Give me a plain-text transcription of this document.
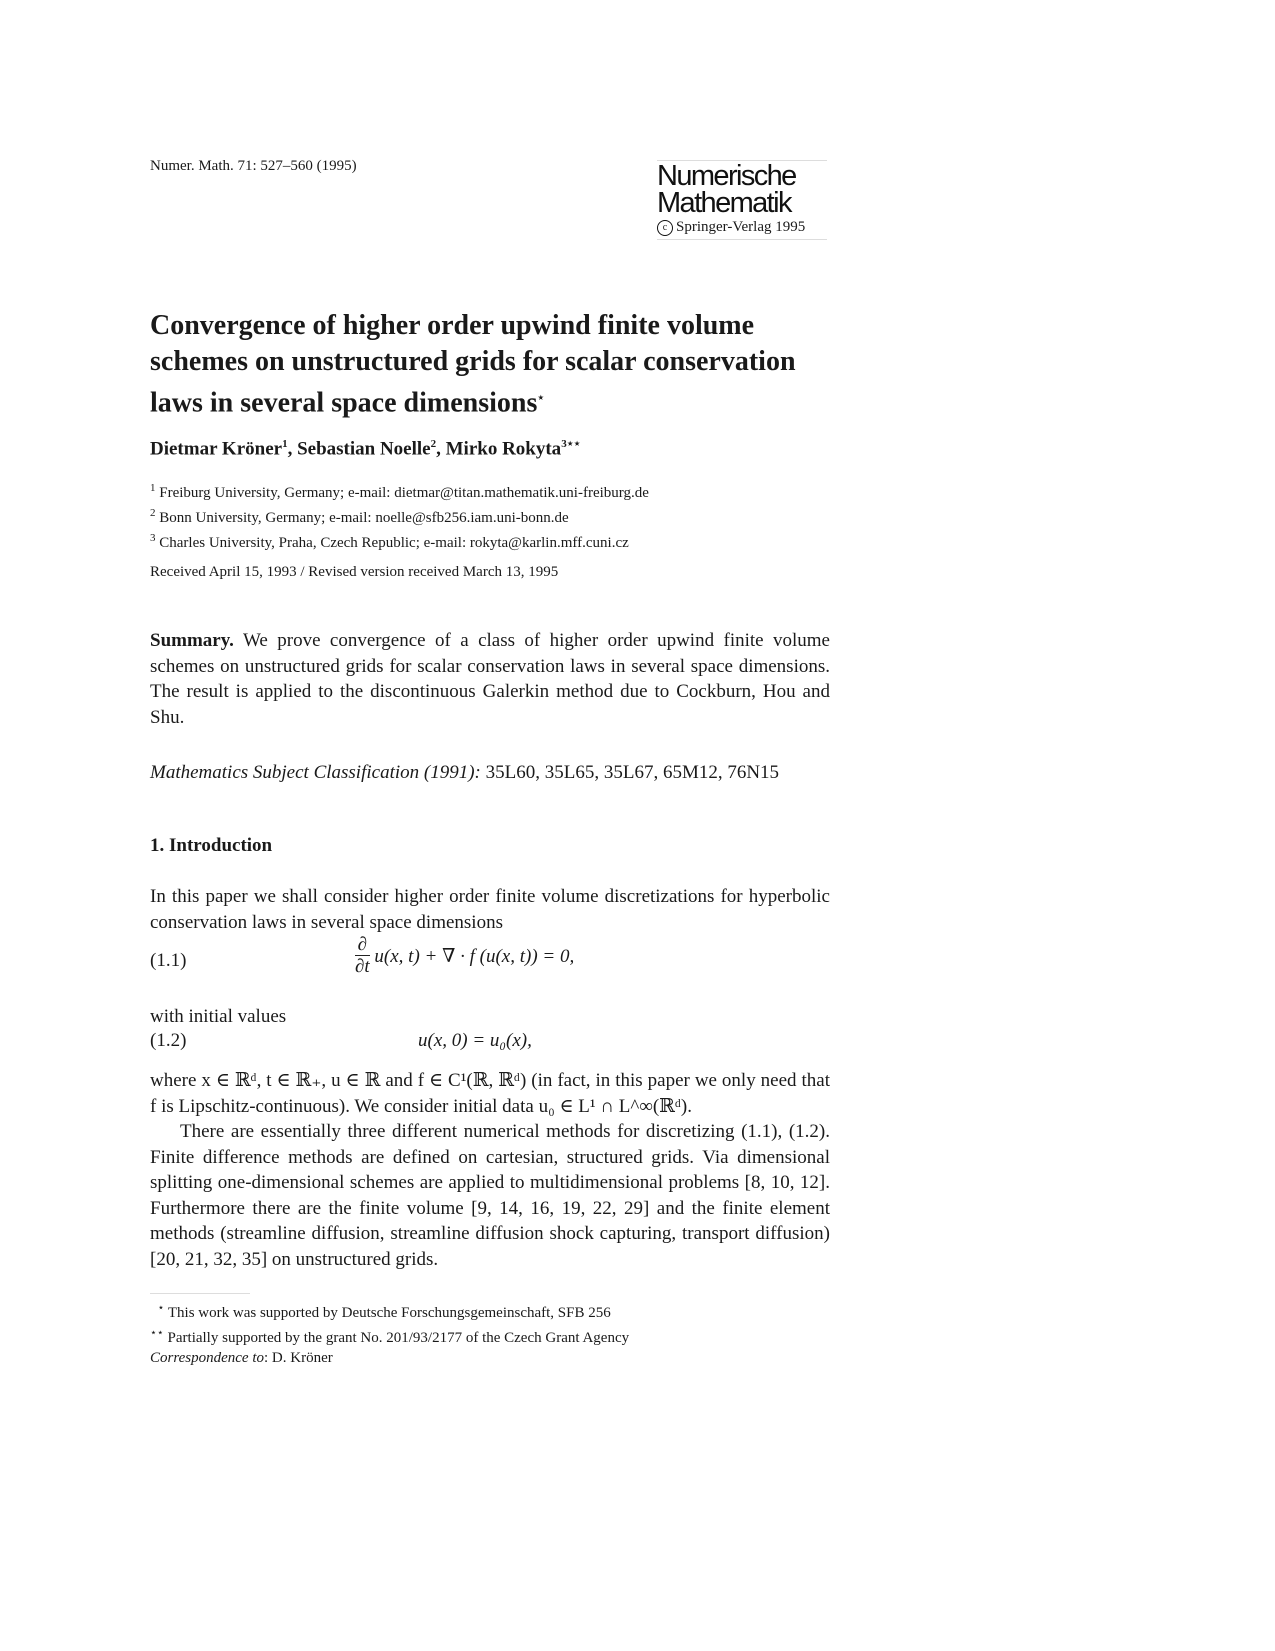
Numer. Math. 71: 527–560 (1995)	Numerische
Mathematik
c Springer-Verlag 1995
Convergence of higher order upwind finite volume schemes on unstructured grids for scalar conservation laws in several space dimensions⋆
Dietmar Kröner$^1$, Sebastian Noelle$^2$, Mirko Rokyta$^{3⋆⋆}$
$^1$ Freiburg University, Germany; e-mail: dietmar@titan.mathematik.uni-freiburg.de
$^2$ Bonn University, Germany; e-mail: noelle@sfb256.iam.uni-bonn.de
$^3$ Charles University, Praha, Czech Republic; e-mail: rokyta@karlin.mff.cuni.cz
Received April 15, 1993 / Revised version received March 13, 1995
Summary. We prove convergence of a class of higher order upwind finite volume schemes on unstructured grids for scalar conservation laws in several space dimensions. The result is applied to the discontinuous Galerkin method due to Cockburn, Hou and Shu.
Mathematics Subject Classification (1991): 35L60, 35L65, 35L67, 65M12, 76N15
1. Introduction
In this paper we shall consider higher order finite volume discretizations for hyperbolic conservation laws in several space dimensions
(1.1)	$\frac{\partial}{\partial t} u(x$, t) + ∇ · f (u(x, t)) = 0,
with initial values
(1.2)	u(x, 0) = u₀(x),
where x ∈ ℝᵈ, t ∈ ℝ₊, u ∈ ℝ and f ∈ C¹(ℝ, ℝᵈ) (in fact, in this paper we only need that f is Lipschitz-continuous). We consider initial data u₀ ∈ L¹ ∩ L^∞(ℝᵈ).
There are essentially three different numerical methods for discretizing (1.1), (1.2). Finite difference methods are defined on cartesian, structured grids. Via dimensional splitting one-dimensional schemes are applied to multidimensional problems [8, 10, 12]. Furthermore there are the finite volume [9, 14, 16, 19, 22, 29] and the finite element methods (streamline diffusion, streamline diffusion shock capturing, transport diffusion) [20, 21, 32, 35] on unstructured grids.
⋆ This work was supported by Deutsche Forschungsgemeinschaft, SFB 256
⋆⋆ Partially supported by the grant No. 201/93/2177 of the Czech Grant Agency
Correspondence to: D. Kröner
